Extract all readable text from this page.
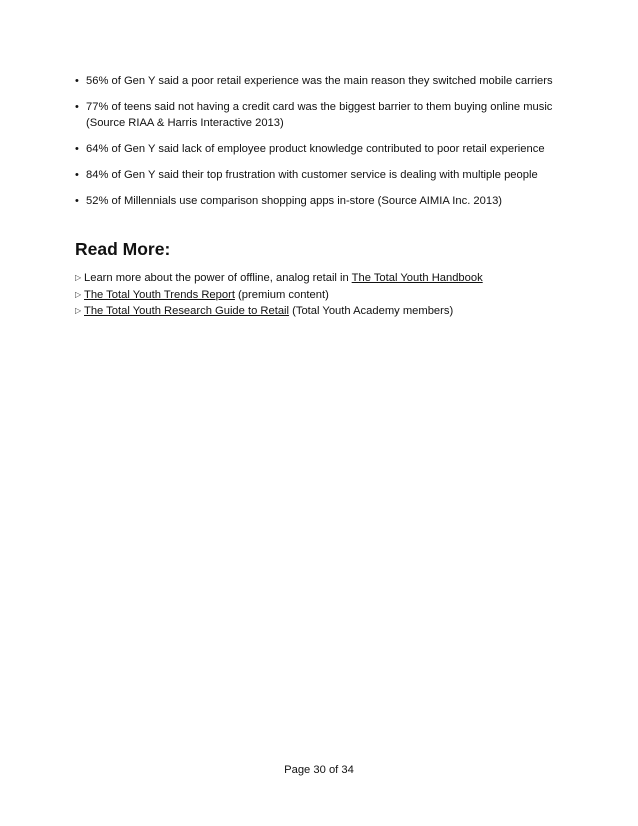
• 56% of Gen Y said a poor retail experience was the main reason they switched mobile carriers
• 77% of teens said not having a credit card was the biggest barrier to them buying online music (Source RIAA & Harris Interactive 2013)
• 64% of Gen Y said lack of employee product knowledge contributed to poor retail experience
• 84% of Gen Y said their top frustration with customer service is dealing with multiple people
• 52% of Millennials use comparison shopping apps in-store (Source AIMIA Inc. 2013)
Read More:
▷ Learn more about the power of offline, analog retail in The Total Youth Handbook
▷ The Total Youth Trends Report (premium content)
▷ The Total Youth Research Guide to Retail (Total Youth Academy members)
Page 30 of 34
